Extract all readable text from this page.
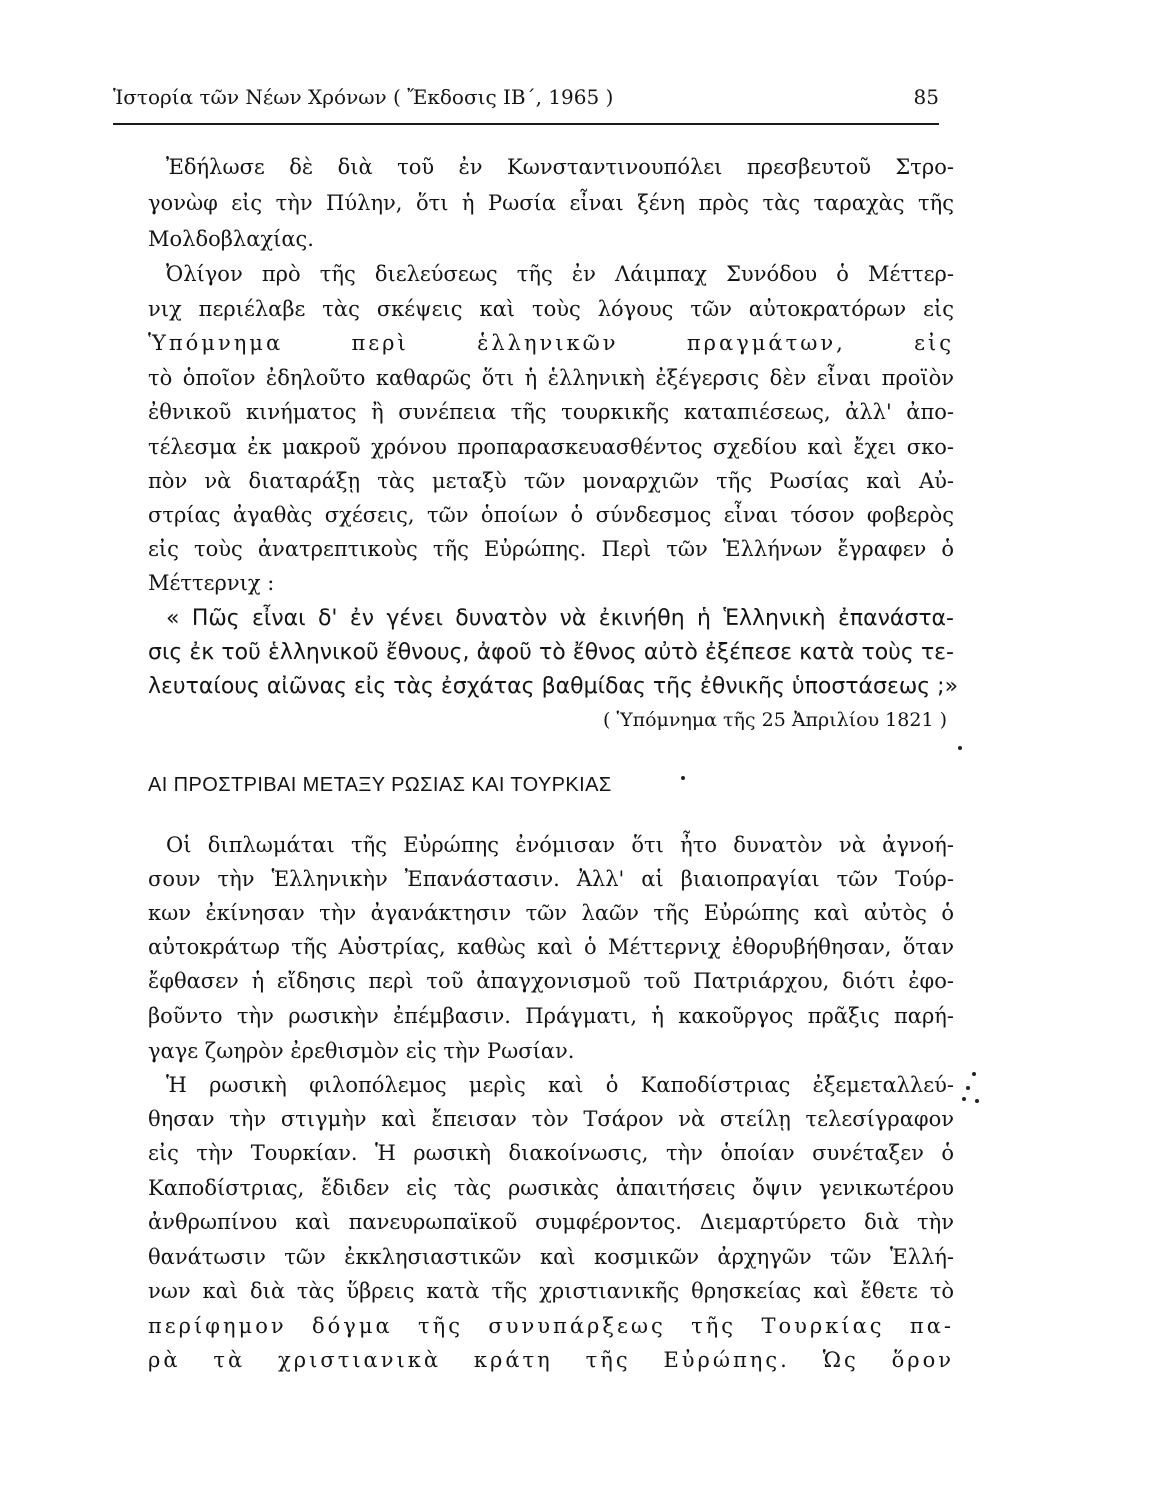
Ἱστορία τῶν Νέων Χρόνων ( Ἔκδοσις ΙΒ΄, 1965 )	85
Ἐδήλωσε δὲ διὰ τοῦ ἐν Κωνσταντινουπόλει πρεσβευτοῦ Στρο-
γονὼφ εἰς τὴν Πύλην, ὅτι ἡ Ρωσία εἶναι ξένη πρὸς τὰς ταραχὰς τῆς
Μολδοβλαχίας.
Ὀλίγον πρὸ τῆς διελεύσεως τῆς ἐν Λάιμπαχ Συνόδου ὁ Μέττερ-
νιχ περιέλαβε τὰς σκέψεις καὶ τοὺς λόγους τῶν αὐτοκρατόρων εἰς
Ὑπόμνημα περὶ ἑλληνικῶν πραγμάτων, εἰς
τὸ ὁποῖον ἐδηλοῦτο καθαρῶς ὅτι ἡ ἑλληνικὴ ἐξέγερσις δὲν εἶναι προϊὸν
ἐθνικοῦ κινήματος ἢ συνέπεια τῆς τουρκικῆς καταπιέσεως, ἀλλ' ἀπο-
τέλεσμα ἐκ μακροῦ χρόνου προπαρασκευασθέντος σχεδίου καὶ ἔχει σκο-
πὸν νὰ διαταράξῃ τὰς μεταξὺ τῶν μοναρχιῶν τῆς Ρωσίας καὶ Αὐ-
στρίας ἀγαθὰς σχέσεις, τῶν ὁποίων ὁ σύνδεσμος εἶναι τόσον φοβερὸς
εἰς τοὺς ἀνατρεπτικοὺς τῆς Εὐρώπης. Περὶ τῶν Ἑλλήνων ἔγραφεν ὁ
Μέττερνιχ :
« Πῶς εἶναι δ' ἐν γένει δυνατὸν νὰ ἐκινήθη ἡ Ἑλληνικὴ ἐπανάστα-
σις ἐκ τοῦ ἑλληνικοῦ ἔθνους, ἀφοῦ τὸ ἔθνος αὐτὸ ἐξέπεσε κατὰ τοὺς τε-
λευταίους αἰῶνας εἰς τὰς ἐσχάτας βαθμίδας τῆς ἐθνικῆς ὑποστάσεως ;»
( Ὑπόμνημα τῆς 25 Ἀπριλίου 1821 )
ΑΙ ΠΡΟΣΤΡΙΒΑΙ ΜΕΤΑΞΥ ΡΩΣΙΑΣ ΚΑΙ ΤΟΥΡΚΙΑΣ
Οἱ διπλωμάται τῆς Εὐρώπης ἐνόμισαν ὅτι ἦτο δυνατὸν νὰ ἀγνοή-
σουν τὴν Ἑλληνικὴν Ἐπανάστασιν. Ἀλλ' αἱ βιαιοπραγίαι τῶν Τούρ-
κων ἐκίνησαν τὴν ἀγανάκτησιν τῶν λαῶν τῆς Εὐρώπης καὶ αὐτὸς ὁ
αὐτοκράτωρ τῆς Αὐστρίας, καθὼς καὶ ὁ Μέττερνιχ ἐθορυβήθησαν, ὅταν
ἔφθασεν ἡ εἴδησις περὶ τοῦ ἀπαγχονισμοῦ τοῦ Πατριάρχου, διότι ἐφο-
βοῦντο τὴν ρωσικὴν ἐπέμβασιν. Πράγματι, ἡ κακοῦργος πρᾶξις παρή-
γαγε ζωηρὸν ἐρεθισμὸν εἰς τὴν Ρωσίαν.
Ἡ ρωσικὴ φιλοπόλεμος μερὶς καὶ ὁ Καποδίστριας ἐξεμεταλλεύ-
θησαν τὴν στιγμὴν καὶ ἔπεισαν τὸν Τσάρον νὰ στείλῃ τελεσίγραφον
εἰς τὴν Τουρκίαν. Ἡ ρωσικὴ διακοίνωσις, τὴν ὁποίαν συνέταξεν ὁ
Καποδίστριας, ἔδιδεν εἰς τὰς ρωσικὰς ἀπαιτήσεις ὄψιν γενικωτέρου
ἀνθρωπίνου καὶ πανευρωπαϊκοῦ συμφέροντος. Διεμαρτύρετο διὰ τὴν
θανάτωσιν τῶν ἐκκλησιαστικῶν καὶ κοσμικῶν ἀρχηγῶν τῶν Ἑλλή-
νων καὶ διὰ τὰς ὕβρεις κατὰ τῆς χριστιανικῆς θρησκείας καὶ ἔθετε τὸ
περίφημον δόγμα τῆς συνυπάρξεως τῆς Τουρκίας πα-
ρὰ τὰ χριστιανικὰ κράτη τῆς Εὐρώπης. Ὡς ὅρον
